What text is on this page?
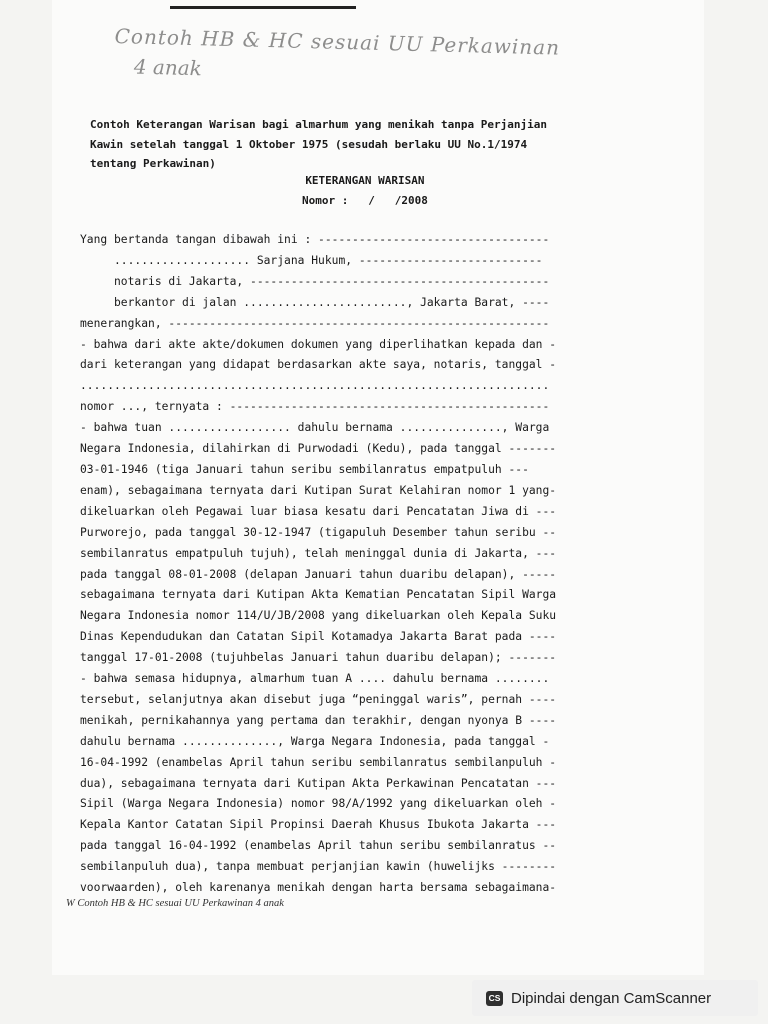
Contoh HB & HC sesuai UU Perkawinan
4 anak
Contoh Keterangan Warisan bagi almarhum yang menikah tanpa Perjanjian
Kawin setelah tanggal 1 Oktober 1975 (sesudah berlaku UU No.1/1974
tentang Perkawinan)
KETERANGAN WARISAN
Nomor :   /   /2008
Yang bertanda tangan dibawah ini : ----------------------------------
.................... Sarjana Hukum, ---------------------------
notaris di Jakarta, --------------------------------------------
berkantor di jalan ........................, Jakarta Barat, ----
menerangkan, --------------------------------------------------------
- bahwa dari akte akte/dokumen dokumen yang diperlihatkan kepada dan -
dari keterangan yang didapat berdasarkan akte saya, notaris, tanggal -
.....................................................................
nomor ..., ternyata : -----------------------------------------------
- bahwa tuan .................. dahulu bernama ..............., Warga
Negara Indonesia, dilahirkan di Purwodadi (Kedu), pada tanggal -------
03-01-1946 (tiga Januari tahun seribu sembilanratus empatpuluh ---
enam), sebagaimana ternyata dari Kutipan Surat Kelahiran nomor 1 yang-
dikeluarkan oleh Pegawai luar biasa kesatu dari Pencatatan Jiwa di ---
Purworejo, pada tanggal 30-12-1947 (tigapuluh Desember tahun seribu --
sembilanratus empatpuluh tujuh), telah meninggal dunia di Jakarta, ---
pada tanggal 08-01-2008 (delapan Januari tahun duaribu delapan), -----
sebagaimana ternyata dari Kutipan Akta Kematian Pencatatan Sipil Warga
Negara Indonesia nomor 114/U/JB/2008 yang dikeluarkan oleh Kepala Suku
Dinas Kependudukan dan Catatan Sipil Kotamadya Jakarta Barat pada ----
tanggal 17-01-2008 (tujuhbelas Januari tahun duaribu delapan); -------
- bahwa semasa hidupnya, almarhum tuan A .... dahulu bernama ........
tersebut, selanjutnya akan disebut juga “peninggal waris”, pernah ----
menikah, pernikahannya yang pertama dan terakhir, dengan nyonya B ----
dahulu bernama .............., Warga Negara Indonesia, pada tanggal -
16-04-1992 (enambelas April tahun seribu sembilanratus sembilanpuluh -
dua), sebagaimana ternyata dari Kutipan Akta Perkawinan Pencatatan ---
Sipil (Warga Negara Indonesia) nomor 98/A/1992 yang dikeluarkan oleh -
Kepala Kantor Catatan Sipil Propinsi Daerah Khusus Ibukota Jakarta ---
pada tanggal 16-04-1992 (enambelas April tahun seribu sembilanratus --
sembilanpuluh dua), tanpa membuat perjanjian kawin (huwelijks --------
voorwaarden), oleh karenanya menikah dengan harta bersama sebagaimana-
W Contoh HB & HC sesuai UU Perkawinan 4 anak
CS Dipindai dengan CamScanner
